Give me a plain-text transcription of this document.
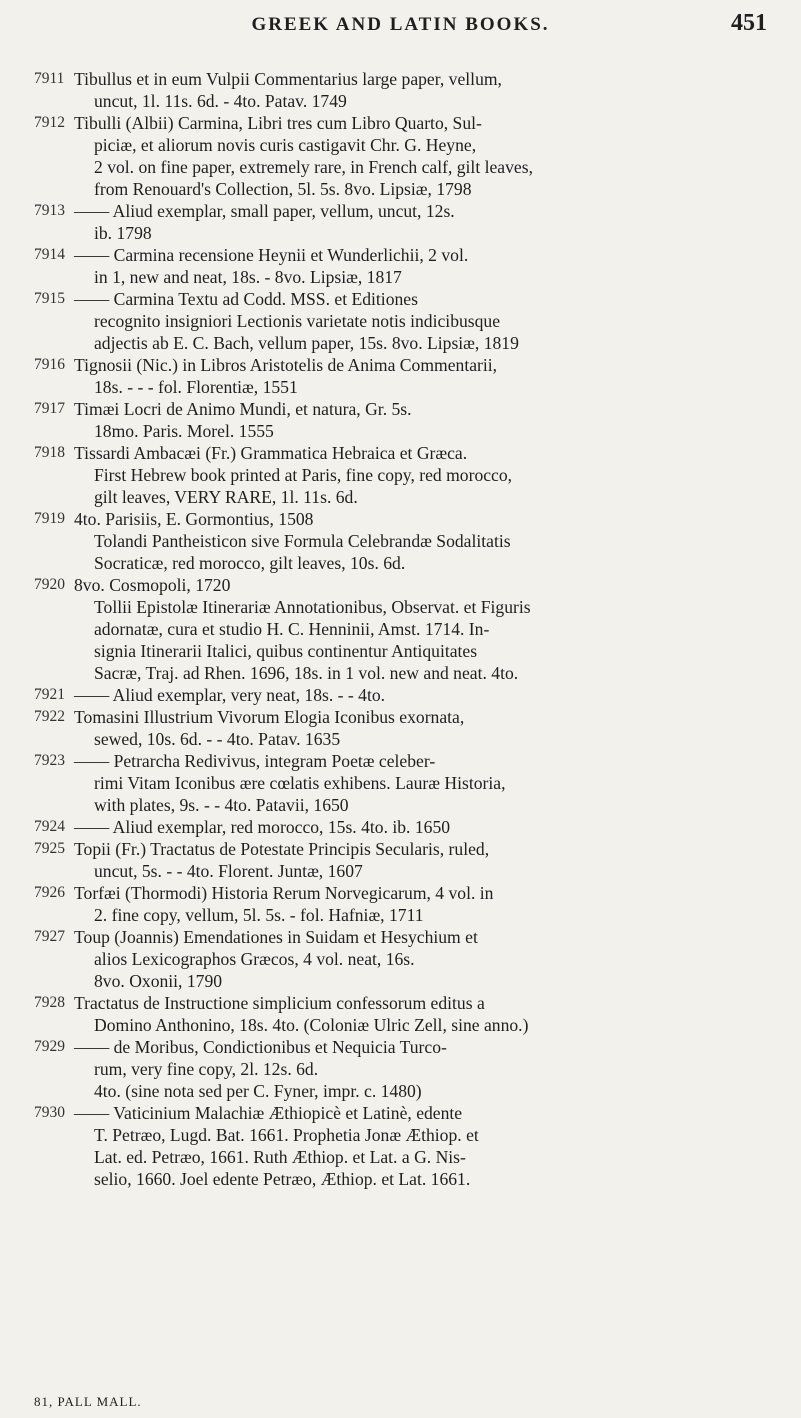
GREEK AND LATIN BOOKS.	451
7911 Tibullus et in eum Vulpii Commentarius large paper, vellum,
uncut, 1l. 11s. 6d. - 4to. Patav. 1749
7912 Tibulli (Albii) Carmina, Libri tres cum Libro Quarto, Sul-
piciæ, et aliorum novis curis castigavit Chr. G. Heyne,
2 vol. on fine paper, extremely rare, in French calf, gilt leaves,
from Renouard's Collection, 5l. 5s. 8vo. Lipsiæ, 1798
7913 —— Aliud exemplar, small paper, vellum, uncut, 12s.
ib. 1798
7914 —— Carmina recensione Heynii et Wunderlichii, 2 vol.
in 1, new and neat, 18s. - 8vo. Lipsiæ, 1817
7915 —— Carmina Textu ad Codd. MSS. et Editiones
recognito insigniori Lectionis varietate notis indicibusque
adjectis ab E. C. Bach, vellum paper, 15s. 8vo. Lipsiæ, 1819
7916 Tignosii (Nic.) in Libros Aristotelis de Anima Commentarii,
18s. - - - fol. Florentiæ, 1551
7917 Timæi Locri de Animo Mundi, et natura, Gr. 5s.
18mo. Paris. Morel. 1555
7918 Tissardi Ambacæi (Fr.) Grammatica Hebraica et Græca.
First Hebrew book printed at Paris, fine copy, red morocco,
gilt leaves, VERY RARE, 1l. 11s. 6d.
7919 4to. Parisiis, E. Gormontius, 1508
Tolandi Pantheisticon sive Formula Celebrandæ Sodalitatis
Socraticæ, red morocco, gilt leaves, 10s. 6d.
7920 8vo. Cosmopoli, 1720
Tollii Epistolæ Itinerariæ Annotationibus, Observat. et Figuris
adornatæ, cura et studio H. C. Henninii, Amst. 1714. In-
signia Itinerarii Italici, quibus continentur Antiquitates
Sacræ, Traj. ad Rhen. 1696, 18s. in 1 vol. new and neat. 4to.
7921 —— Aliud exemplar, very neat, 18s. - - 4to.
7922 Tomasini Illustrium Vivorum Elogia Iconibus exornata,
sewed, 10s. 6d. - - 4to. Patav. 1635
7923 —— Petrarcha Redivivus, integram Poetæ celeber-
rimi Vitam Iconibus ære cœlatis exhibens. Lauræ Historia,
with plates, 9s. - - 4to. Patavii, 1650
7924 —— Aliud exemplar, red morocco, 15s. 4to. ib. 1650
7925 Topii (Fr.) Tractatus de Potestate Principis Secularis, ruled,
uncut, 5s. - - 4to. Florent. Juntæ, 1607
7926 Torfæi (Thormodi) Historia Rerum Norvegicarum, 4 vol. in
2. fine copy, vellum, 5l. 5s. - fol. Hafniæ, 1711
7927 Toup (Joannis) Emendationes in Suidam et Hesychium et
alios Lexicographos Græcos, 4 vol. neat, 16s.
8vo. Oxonii, 1790
7928 Tractatus de Instructione simplicium confessorum editus a
Domino Anthonino, 18s. 4to. (Coloniæ Ulric Zell, sine anno.)
7929 —— de Moribus, Condictionibus et Nequicia Turco-
rum, very fine copy, 2l. 12s. 6d.
4to. (sine nota sed per C. Fyner, impr. c. 1480)
7930 —— Vaticinium Malachiæ Æthiopicè et Latinè, edente
T. Petræo, Lugd. Bat. 1661. Prophetia Jonæ Æthiop. et
Lat. ed. Petræo, 1661. Ruth Æthiop. et Lat. a G. Nis-
selio, 1660. Joel edente Petræo, Æthiop. et Lat. 1661.
81, PALL MALL.
